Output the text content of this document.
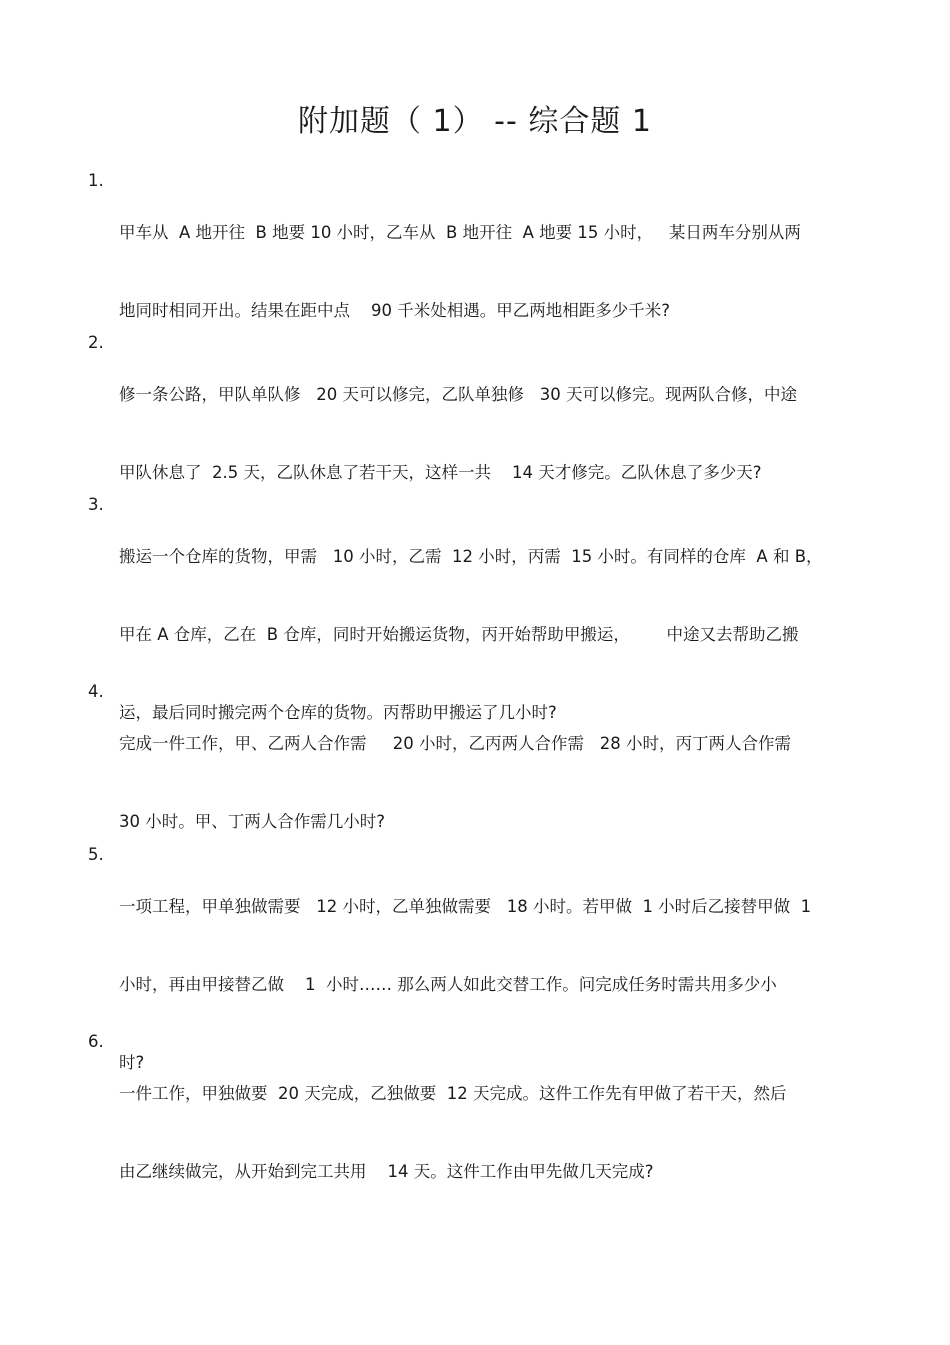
附加题（ 1） -- 综合题 1
1.

甲车从  A 地开往  B 地要 10 小时，乙车从  B 地开往  A 地要 15 小时，   某日两车分别从两

地同时相同开出。结果在距中点    90 千米处相遇。甲乙两地相距多少千米?

2.

修一条公路，甲队单队修   20 天可以修完，乙队单独修   30 天可以修完。现两队合修，中途

甲队休息了  2.5 天，乙队休息了若干天，这样一共    14 天才修完。乙队休息了多少天?

3.

搬运一个仓库的货物，甲需   10 小时，乙需  12 小时，丙需  15 小时。有同样的仓库  A 和 B，

甲在 A 仓库，乙在  B 仓库，同时开始搬运货物，丙开始帮助甲搬运，       中途又去帮助乙搬

运，最后同时搬完两个仓库的货物。丙帮助甲搬运了几小时?

4.

完成一件工作，甲、乙两人合作需     20 小时，乙丙两人合作需   28 小时，丙丁两人合作需

30 小时。甲、丁两人合作需几小时?

5.

一项工程，甲单独做需要   12 小时，乙单独做需要   18 小时。若甲做  1 小时后乙接替甲做  1

小时，再由甲接替乙做    1  小时…… 那么两人如此交替工作。问完成任务时需共用多少小

时?

6.

一件工作，甲独做要  20 天完成，乙独做要  12 天完成。这件工作先有甲做了若干天，然后

由乙继续做完，从开始到完工共用    14 天。这件工作由甲先做几天完成?
